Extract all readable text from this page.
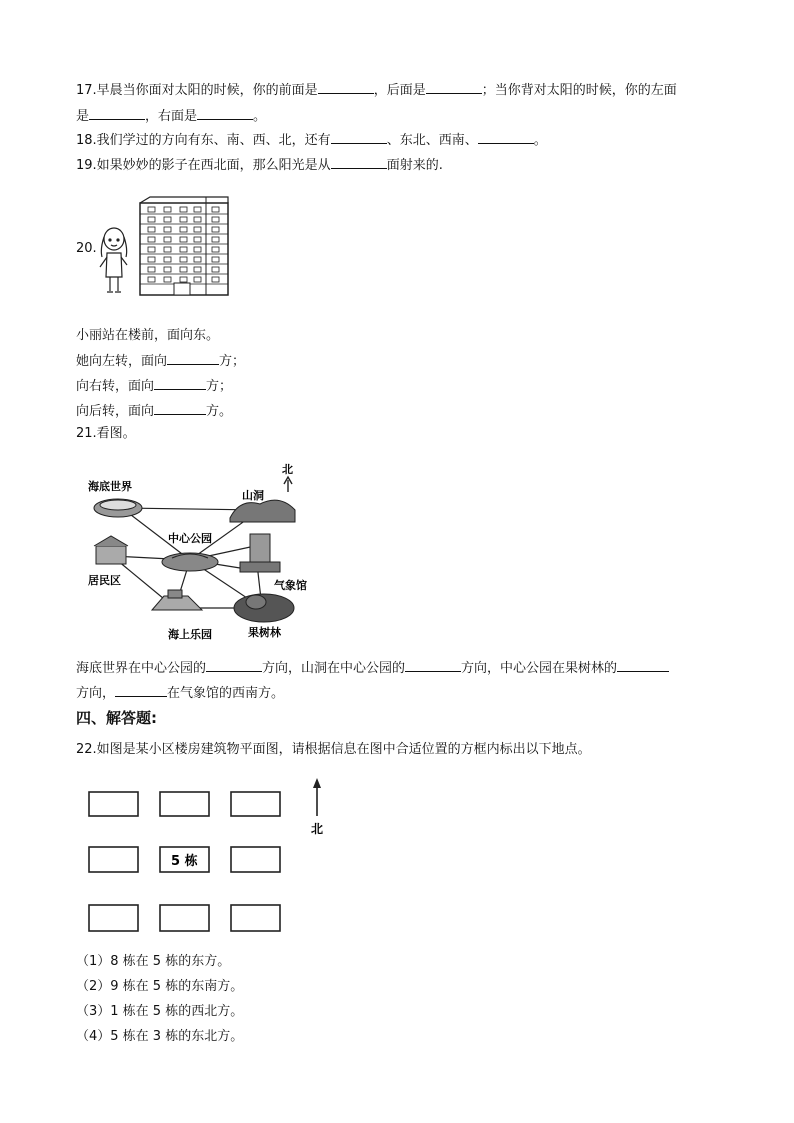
17.早晨当你面对太阳的时候，你的前面是	，后面是	；当你背对太阳的时候，你的左面
是	，右面是	。
18.我们学过的方向有东、南、西、北，还有	、东北、西南、	。
19.如果妙妙的影子在西北面，那么阳光是从	面射来的.
20.
小丽站在楼前，面向东。
她向左转，面向	方；
向右转，面向	方；
向后转，面向	方。
21.看图。
北
海底世界
山洞
中心公园
居民区	气象馆
海上乐园	果树林
海底世界在中心公园的	方向，山洞在中心公园的	方向，中心公园在果树林的
方向，	在气象馆的西南方。
四、解答题:
22.如图是某小区楼房建筑物平面图，请根据信息在图中合适位置的方框内标出以下地点。
5 栋
北
（1）8 栋在 5 栋的东方。
（2）9 栋在 5 栋的东南方。
（3）1 栋在 5 栋的西北方。
（4）5 栋在 3 栋的东北方。
